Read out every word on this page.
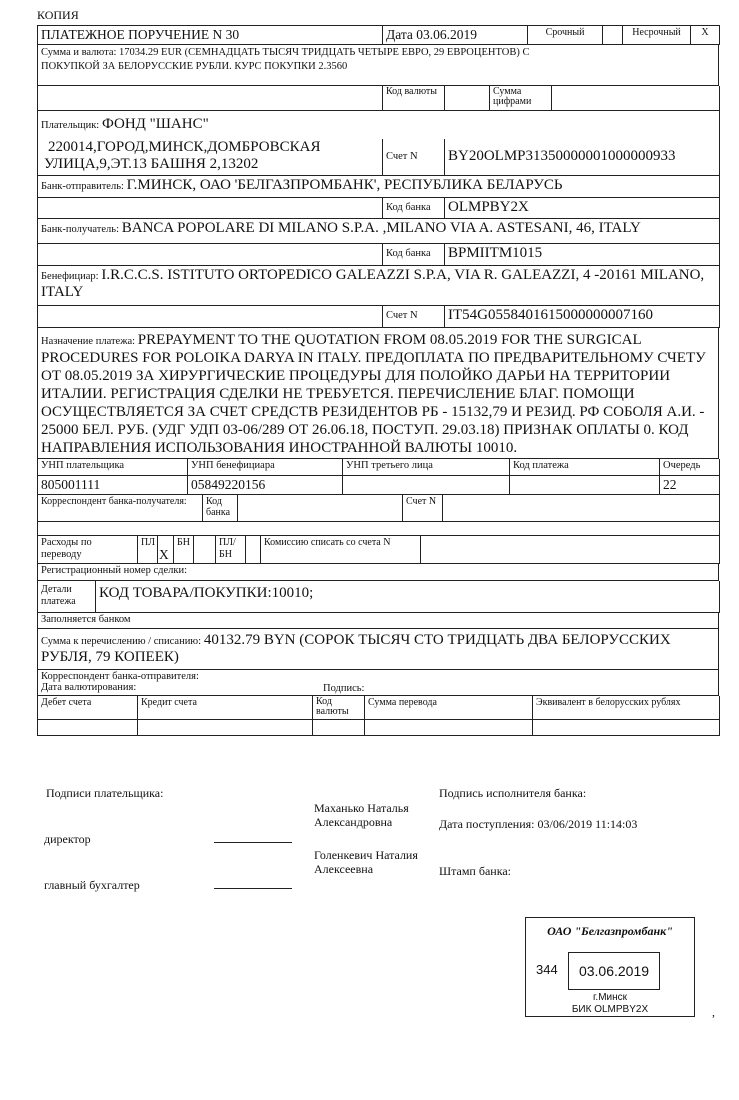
КОПИЯ
ПЛАТЕЖНОЕ ПОРУЧЕНИЕ N 30	Дата 03.06.2019	Срочный		Несрочный	X
Сумма и валюта: 17034.29 EUR (СЕМНАДЦАТЬ ТЫСЯЧ ТРИДЦАТЬ ЧЕТЫРЕ ЕВРО, 29 ЕВРОЦЕНТОВ) С
ПОКУПКОЙ ЗА БЕЛОРУССКИЕ РУБЛИ. КУРС ПОКУПКИ 2.3560
	Код валюты		Сумма цифрами	
Плательщик: ФОНД "ШАНС"
220014,ГОРОД,МИНСК,ДОМБРОВСКАЯ УЛИЦА,9,ЭТ.13 БАШНЯ 2,13202	Счет N	BY20OLMP31350000001000000933
Банк-отправитель: Г.МИНСК, ОАО 'БЕЛГАЗПРОМБАНК', РЕСПУБЛИКА БЕЛАРУСЬ
	Код банка	OLMPBY2X
Банк-получатель: BANCA POPOLARE DI MILANO S.P.A. ,MILANO VIA A. ASTESANI, 46, ITALY
	Код банка	BPMIITM1015
Бенефициар: I.R.C.C.S. ISTITUTO ORTOPEDICO GALEAZZI S.P.A, VIA R. GALEAZZI, 4 -20161 MILANO, ITALY
	Счет N	IT54G0558401615000000007160
Назначение платежа: PREPAYMENT TO THE QUOTATION FROM 08.05.2019 FOR THE SURGICAL PROCEDURES FOR POLOIKA DARYA IN ITALY. ПРЕДОПЛАТА ПО ПРЕДВАРИТЕЛЬНОМУ СЧЕТУ ОТ 08.05.2019 ЗА ХИРУРГИЧЕСКИЕ ПРОЦЕДУРЫ ДЛЯ ПОЛОЙКО ДАРЬИ НА ТЕРРИТОРИИ ИТАЛИИ. РЕГИСТРАЦИЯ СДЕЛКИ НЕ ТРЕБУЕТСЯ. ПЕРЕЧИСЛЕНИЕ БЛАГ. ПОМОЩИ ОСУЩЕСТВЛЯЕТСЯ ЗА СЧЕТ СРЕДСТВ РЕЗИДЕНТОВ РБ - 15132,79 И РЕЗИД. РФ СОБОЛЯ А.И. - 25000 БЕЛ. РУБ. (УДГ УДП 03-06/289 ОТ 26.06.18, ПОСТУП. 29.03.18) ПРИЗНАК ОПЛАТЫ 0. КОД НАПРАВЛЕНИЯ ИСПОЛЬЗОВАНИЯ ИНОСТРАННОЙ ВАЛЮТЫ 10010.
УНП плательщика	УНП бенефициара	УНП третьего лица	Код платежа	Очередь
805001111	05849220156			22
Корреспондент банка-получателя:	Код банка		Счет N	

Расходы по переводу	ПЛ	X	БН		ПЛ/БН		Комиссию списать со счета N	
Регистрационный номер сделки:
Детали платежа	КОД ТОВАРА/ПОКУПКИ:10010;
Заполняется банком
Сумма к перечислению / списанию: 40132.79 BYN (СОРОК ТЫСЯЧ СТО ТРИДЦАТЬ ДВА БЕЛОРУССКИХ РУБЛЯ, 79 КОПЕЕК)
Корреспондент банка-отправителя:
Дата валютирования:	Подпись:
Дебет счета	Кредит счета	Код валюты	Сумма перевода	Эквивалент в белорусских рублях

Подписи плательщика:	Подпись исполнителя банка:
директор
Маханько Наталья Александровна	Дата поступления: 03/06/2019 11:14:03
главный бухгалтер
Голенкевич Наталия Алексеевна	Штамп банка:
ОАО "Белгазпромбанк"
344	03.06.2019
г.Минск
БИК OLMPBY2X	,
